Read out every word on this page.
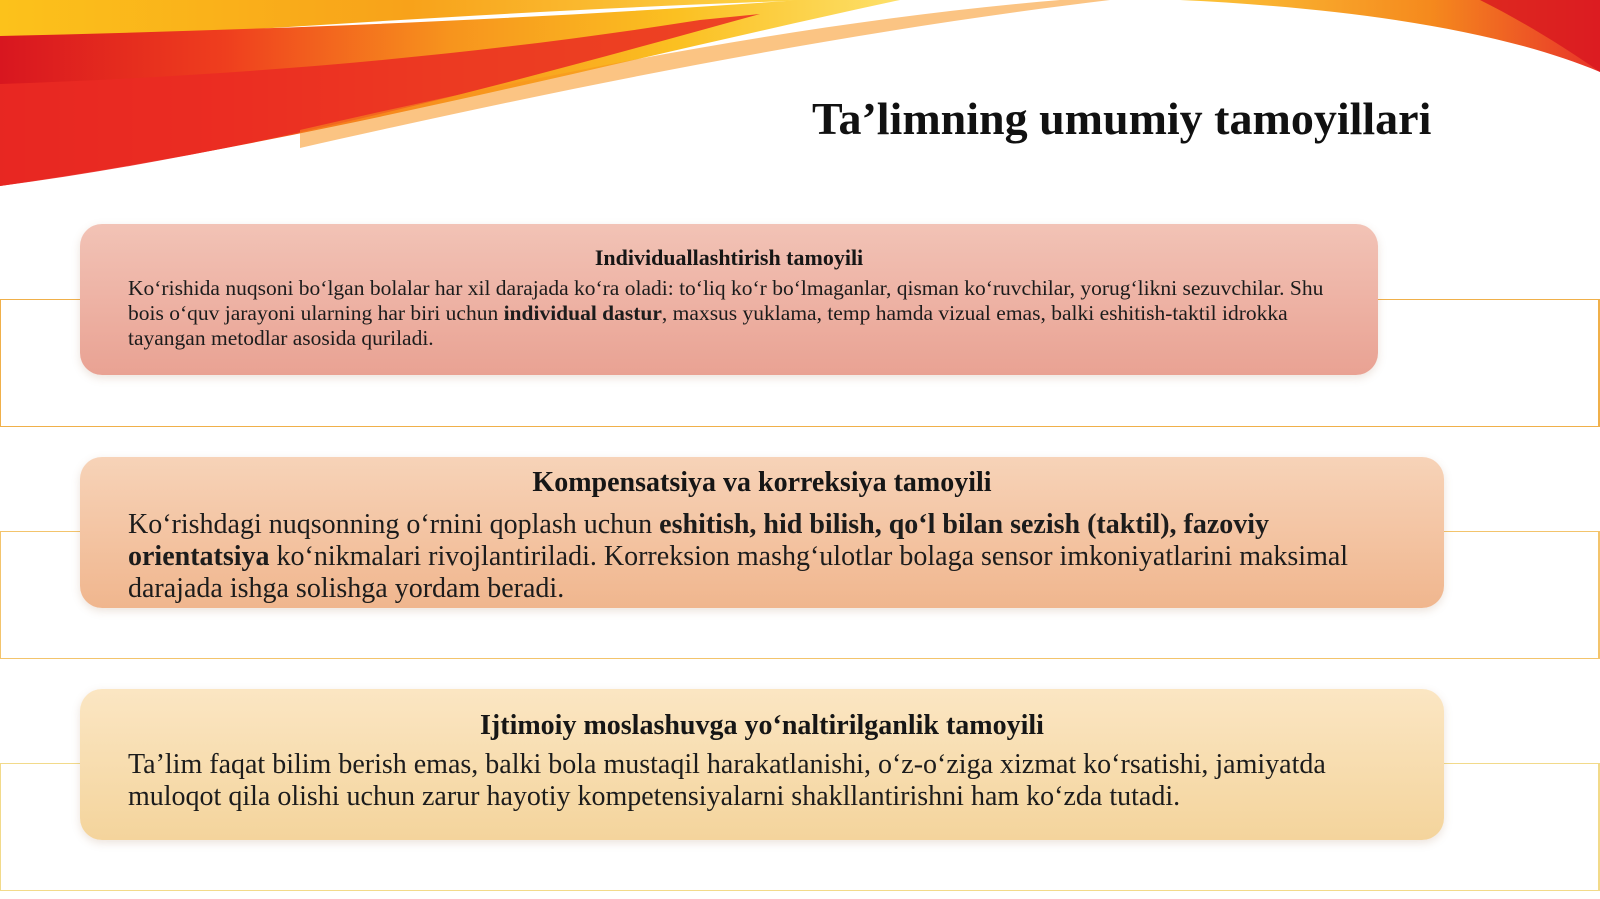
Ta’limning umumiy tamoyillari

Individuallashtirish tamoyili

Ko‘rishida nuqsoni bo‘lgan bolalar har xil darajada ko‘ra oladi: to‘liq ko‘r bo‘lmaganlar, qisman ko‘ruvchilar, yorug‘likni sezuvchilar. Shu bois o‘quv jarayoni ularning har biri uchun individual dastur, maxsus yuklama, temp hamda vizual emas, balki eshitish-taktil idrokka tayangan metodlar asosida quriladi.

Kompensatsiya va korreksiya tamoyili

Ko‘rishdagi nuqsonning o‘rnini qoplash uchun eshitish, hid bilish, qo‘l bilan sezish (taktil), fazoviy orientatsiya ko‘nikmalari rivojlantiriladi. Korreksion mashg‘ulotlar bolaga sensor imkoniyatlarini maksimal darajada ishga solishga yordam beradi.

Ijtimoiy moslashuvga yo‘naltirilganlik tamoyili

Ta’lim faqat bilim berish emas, balki bola mustaqil harakatlanishi, o‘z-o‘ziga xizmat ko‘rsatishi, jamiyatda muloqot qila olishi uchun zarur hayotiy kompetensiyalarni shakllantirishni ham ko‘zda tutadi.
